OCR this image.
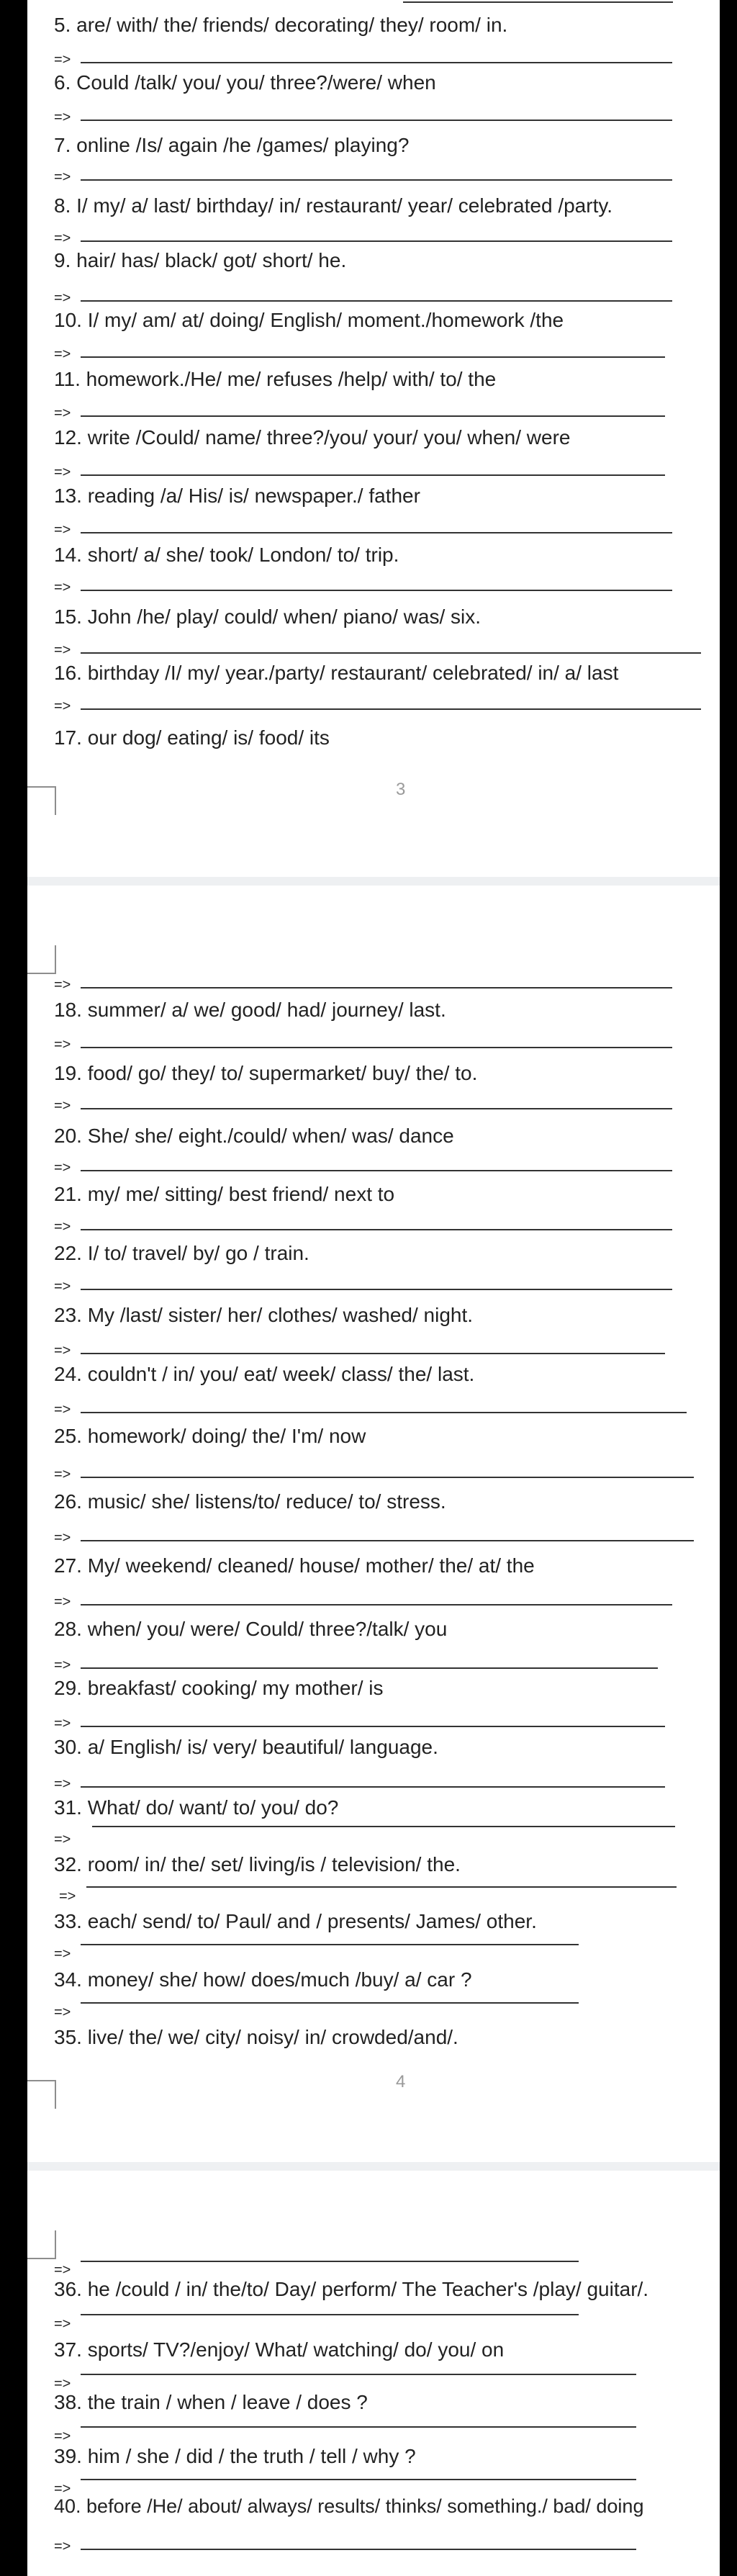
3
4
5. are/ with/ the/ friends/ decorating/ they/ room/ in.
=>
6. Could /talk/ you/ you/ three?/were/ when
=>
7. online /Is/ again /he /games/ playing?
=>
8. I/ my/ a/ last/ birthday/ in/ restaurant/ year/ celebrated /party.
=>
9. hair/ has/ black/ got/ short/ he.
=>
10. I/ my/ am/ at/ doing/ English/ moment./homework /the
=>
11. homework./He/ me/ refuses /help/ with/ to/ the
=>
12. write /Could/ name/ three?/you/ your/ you/ when/ were
=>
13. reading /a/ His/ is/ newspaper./ father
=>
14. short/ a/ she/ took/ London/ to/ trip.
=>
15. John /he/ play/ could/ when/ piano/ was/ six.
=>
16. birthday /I/ my/ year./party/ restaurant/ celebrated/ in/ a/ last
=>
17. our dog/ eating/ is/ food/ its
=>
18. summer/ a/ we/ good/ had/ journey/ last.
=>
19. food/ go/ they/ to/ supermarket/ buy/ the/ to.
=>
20. She/ she/ eight./could/ when/ was/ dance
=>
21. my/ me/ sitting/ best friend/ next to
=>
22. I/ to/ travel/ by/ go / train.
=>
23. My /last/ sister/ her/ clothes/ washed/ night.
=>
24. couldn't / in/ you/ eat/ week/ class/ the/ last.
=>
25. homework/ doing/ the/ I'm/ now
=>
26. music/ she/ listens/to/ reduce/ to/ stress.
=>
27. My/ weekend/ cleaned/ house/ mother/ the/ at/ the
=>
28. when/ you/ were/ Could/ three?/talk/ you
=>
29. breakfast/ cooking/ my mother/ is
=>
30. a/ English/ is/ very/ beautiful/ language.
=>
31. What/ do/ want/ to/ you/ do?
=>
32. room/ in/ the/ set/ living/is / television/ the.
=>
33. each/ send/ to/ Paul/ and / presents/ James/ other.
=>
34. money/ she/ how/ does/much /buy/ a/ car ?
=>
35. live/ the/ we/ city/ noisy/ in/ crowded/and/.
=>
36. he /could / in/ the/to/ Day/ perform/ The Teacher's /play/ guitar/.
=>
37. sports/ TV?/enjoy/ What/ watching/ do/ you/ on
=>
38. the train / when / leave / does ?
=>
39. him / she / did / the truth / tell / why ?
=>
40. before /He/ about/ always/ results/ thinks/ something./ bad/ doing
=>
